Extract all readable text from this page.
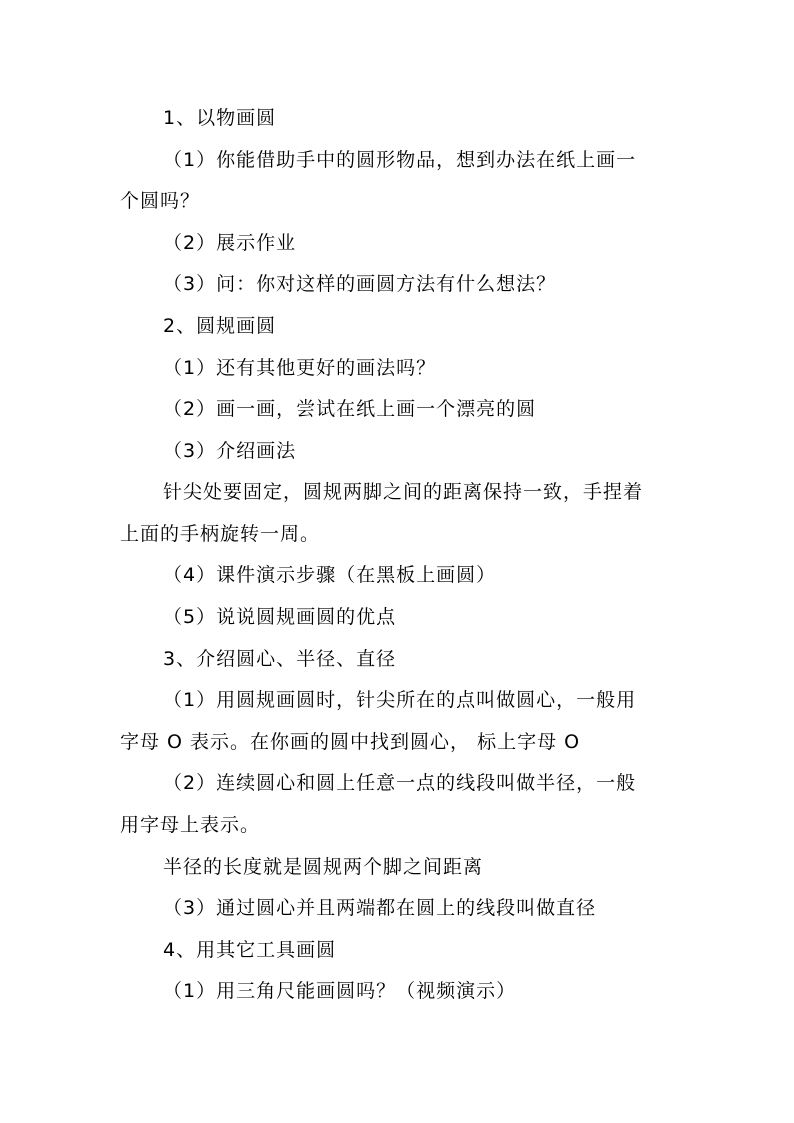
1、以物画圆
（1）你能借助手中的圆形物品，想到办法在纸上画一
个圆吗？
（2）展示作业
（3）问：你对这样的画圆方法有什么想法？
2、圆规画圆
（1）还有其他更好的画法吗？
（2）画一画，尝试在纸上画一个漂亮的圆
（3）介绍画法
针尖处要固定，圆规两脚之间的距离保持一致，手捏着
上面的手柄旋转一周。
（4）课件演示步骤（在黑板上画圆）
（5）说说圆规画圆的优点
3、介绍圆心、半径、直径
（1）用圆规画圆时，针尖所在的点叫做圆心，一般用
字母 O 表示。在你画的圆中找到圆心， 标上字母 O
（2）连续圆心和圆上任意一点的线段叫做半径，一般
用字母上表示。
半径的长度就是圆规两个脚之间距离
（3）通过圆心并且两端都在圆上的线段叫做直径
4、用其它工具画圆
（1）用三角尺能画圆吗？（视频演示）
